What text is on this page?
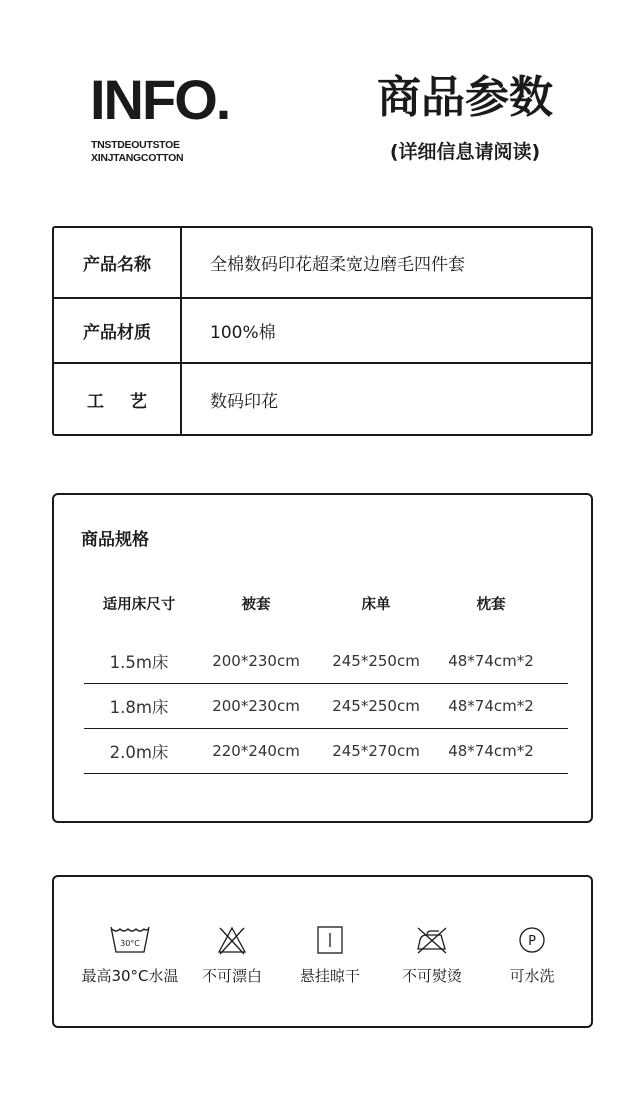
INFO.
TNSTDEOUTSTOE
XINJTANGCOTTON
商品参数
(详细信息请阅读)
产品名称	全棉数码印花超柔宽边磨毛四件套
产品材质	100%棉
工艺	数码印花
商品规格
适用床尺寸	被套	床单	枕套
1.5m床	200*230cm	245*250cm	48*74cm*2
1.8m床	200*230cm	245*250cm	48*74cm*2
2.0m床	220*240cm	245*270cm	48*74cm*2
30°C
最高30°C水温	不可漂白	悬挂晾干	不可熨烫
P
可水洗
